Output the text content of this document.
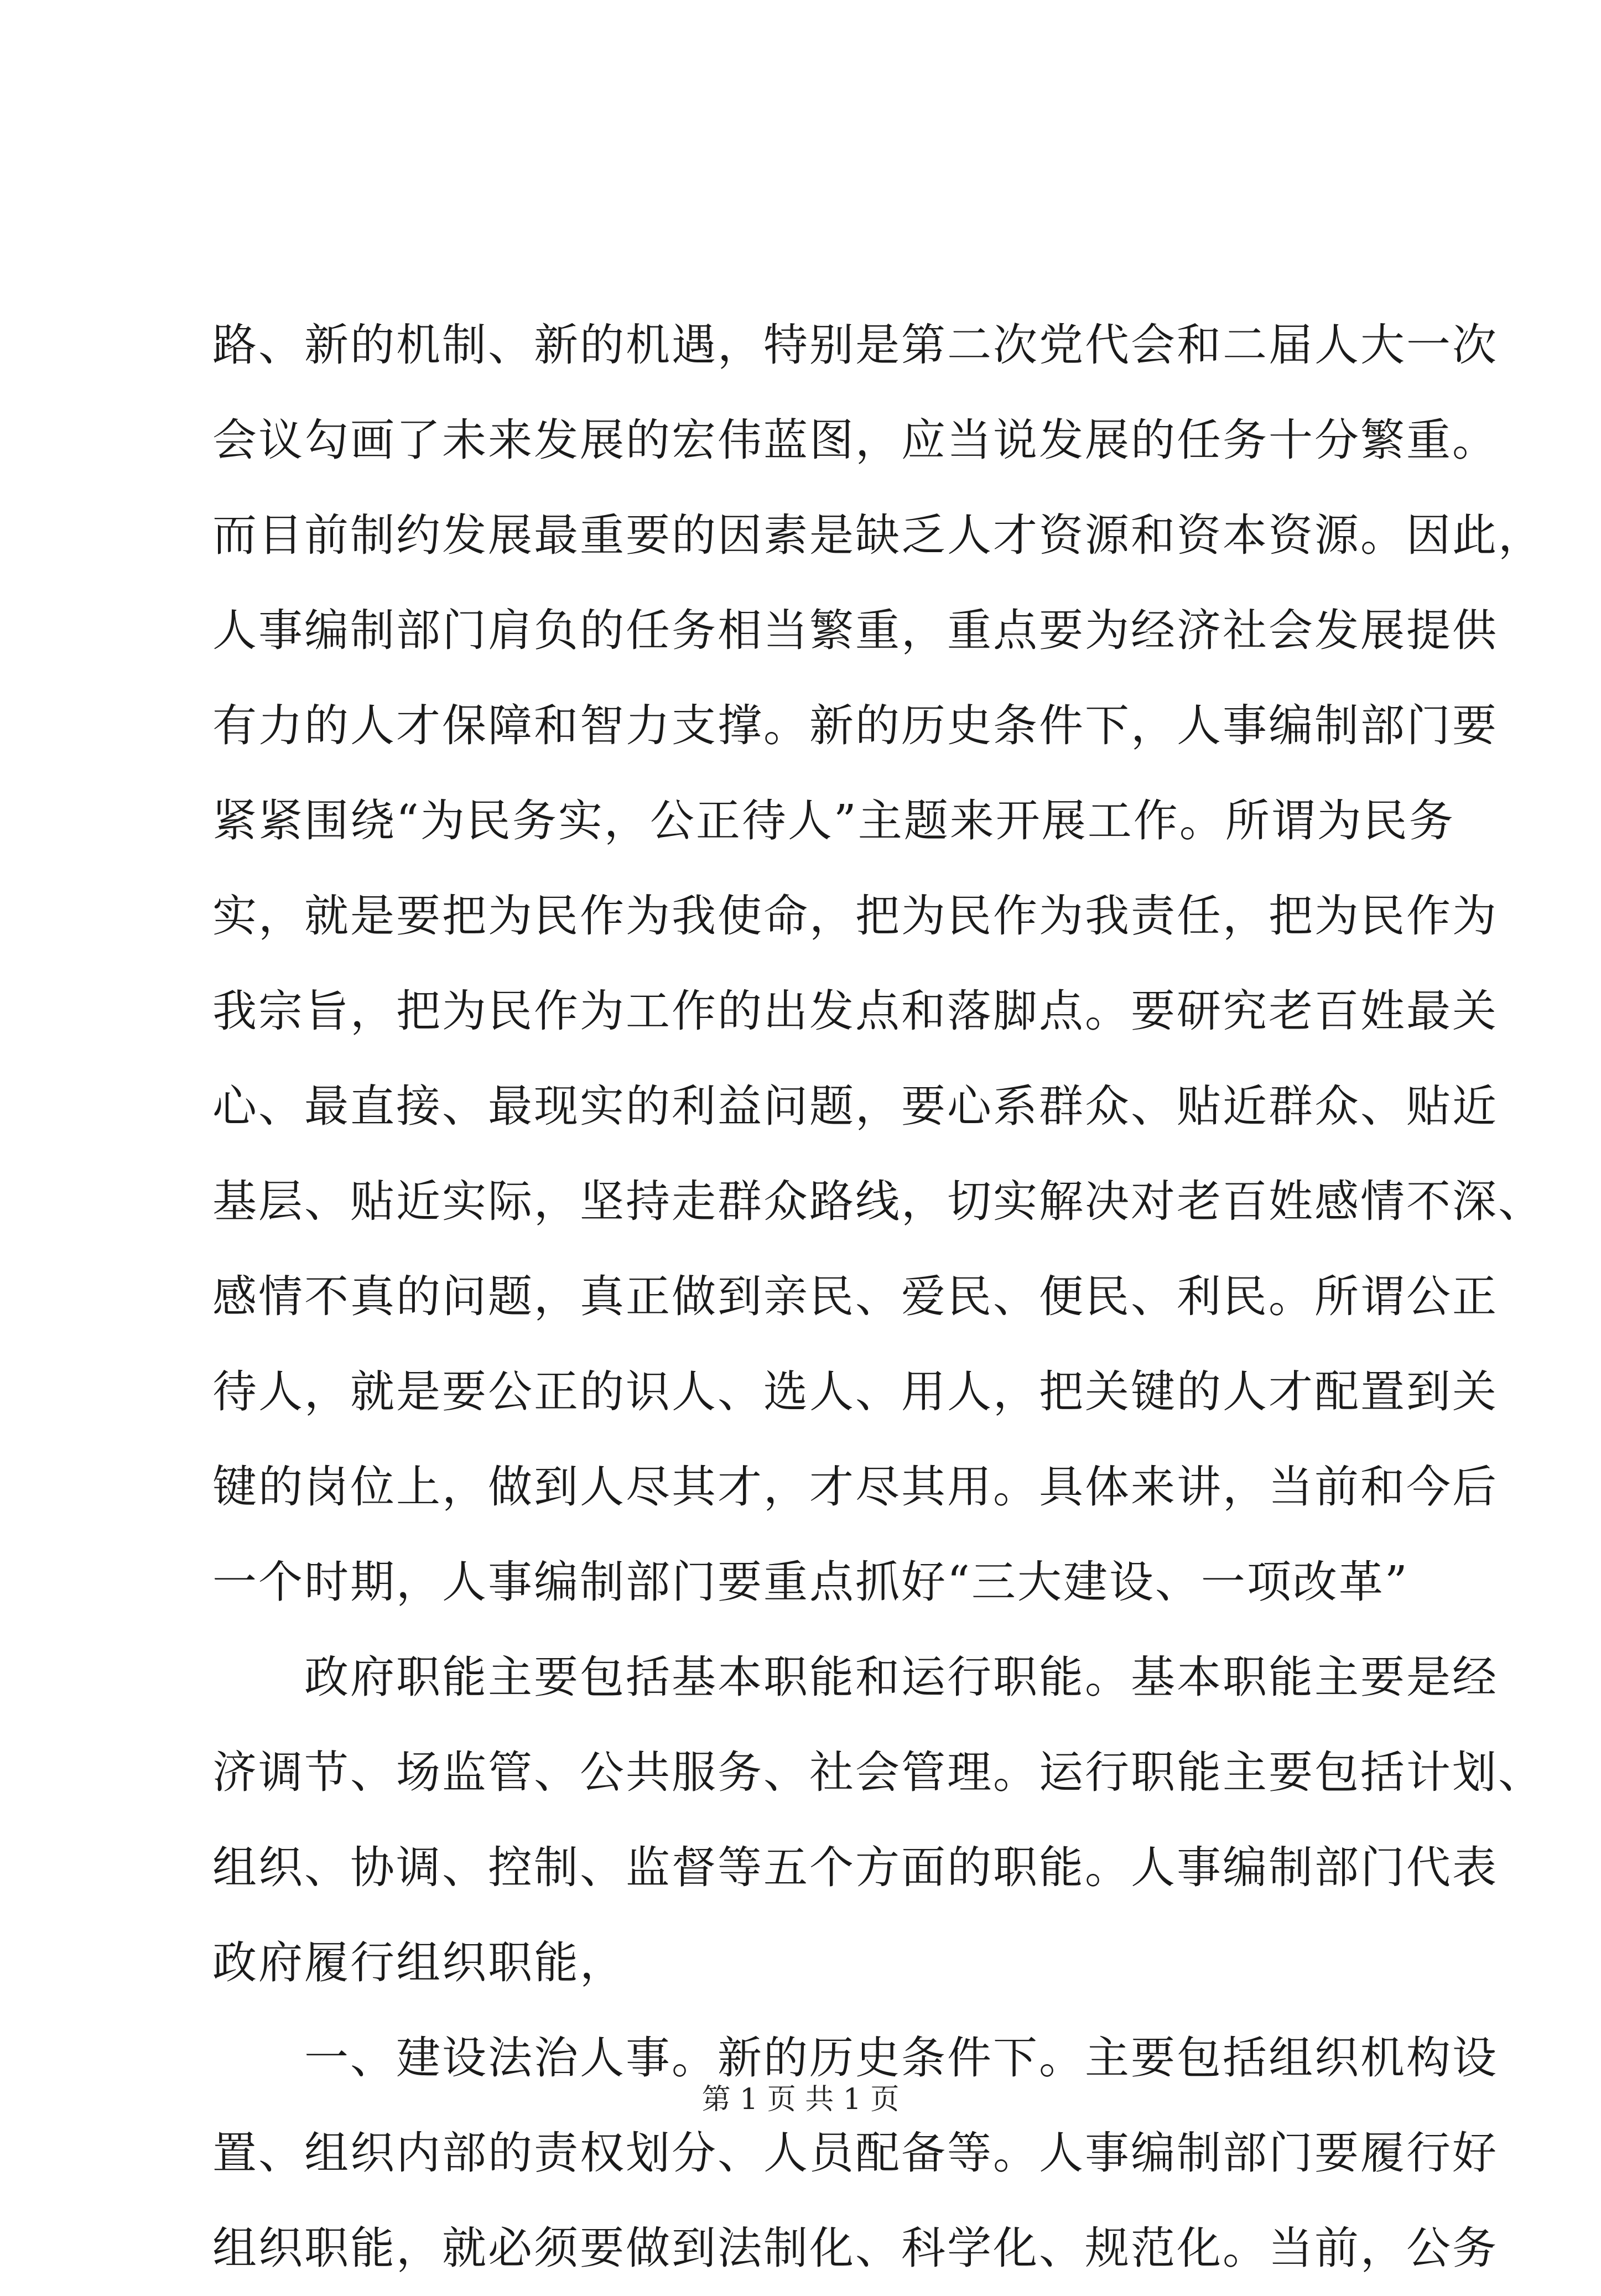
路、新的机制、新的机遇，特别是第二次党代会和二届人大一次
会议勾画了未来发展的宏伟蓝图，应当说发展的任务十分繁重。
而目前制约发展最重要的因素是缺乏人才资源和资本资源。因此，
人事编制部门肩负的任务相当繁重，重点要为经济社会发展提供
有力的人才保障和智力支撑。新的历史条件下，人事编制部门要
紧紧围绕“为民务实，公正待人”主题来开展工作。所谓为民务
实，就是要把为民作为我使命，把为民作为我责任，把为民作为
我宗旨，把为民作为工作的出发点和落脚点。要研究老百姓最关
心、最直接、最现实的利益问题，要心系群众、贴近群众、贴近
基层、贴近实际，坚持走群众路线，切实解决对老百姓感情不深、
感情不真的问题，真正做到亲民、爱民、便民、利民。所谓公正
待人，就是要公正的识人、选人、用人，把关键的人才配置到关
键的岗位上，做到人尽其才，才尽其用。具体来讲，当前和今后
一个时期，人事编制部门要重点抓好“三大建设、一项改革”
　　政府职能主要包括基本职能和运行职能。基本职能主要是经
济调节、场监管、公共服务、社会管理。运行职能主要包括计划、
组织、协调、控制、监督等五个方面的职能。人事编制部门代表
政府履行组织职能，
　　一、建设法治人事。新的历史条件下。主要包括组织机构设
置、组织内部的责权划分、人员配备等。人事编制部门要履行好
组织职能，就必须要做到法制化、科学化、规范化。当前，公务
第 1 页 共 1 页
